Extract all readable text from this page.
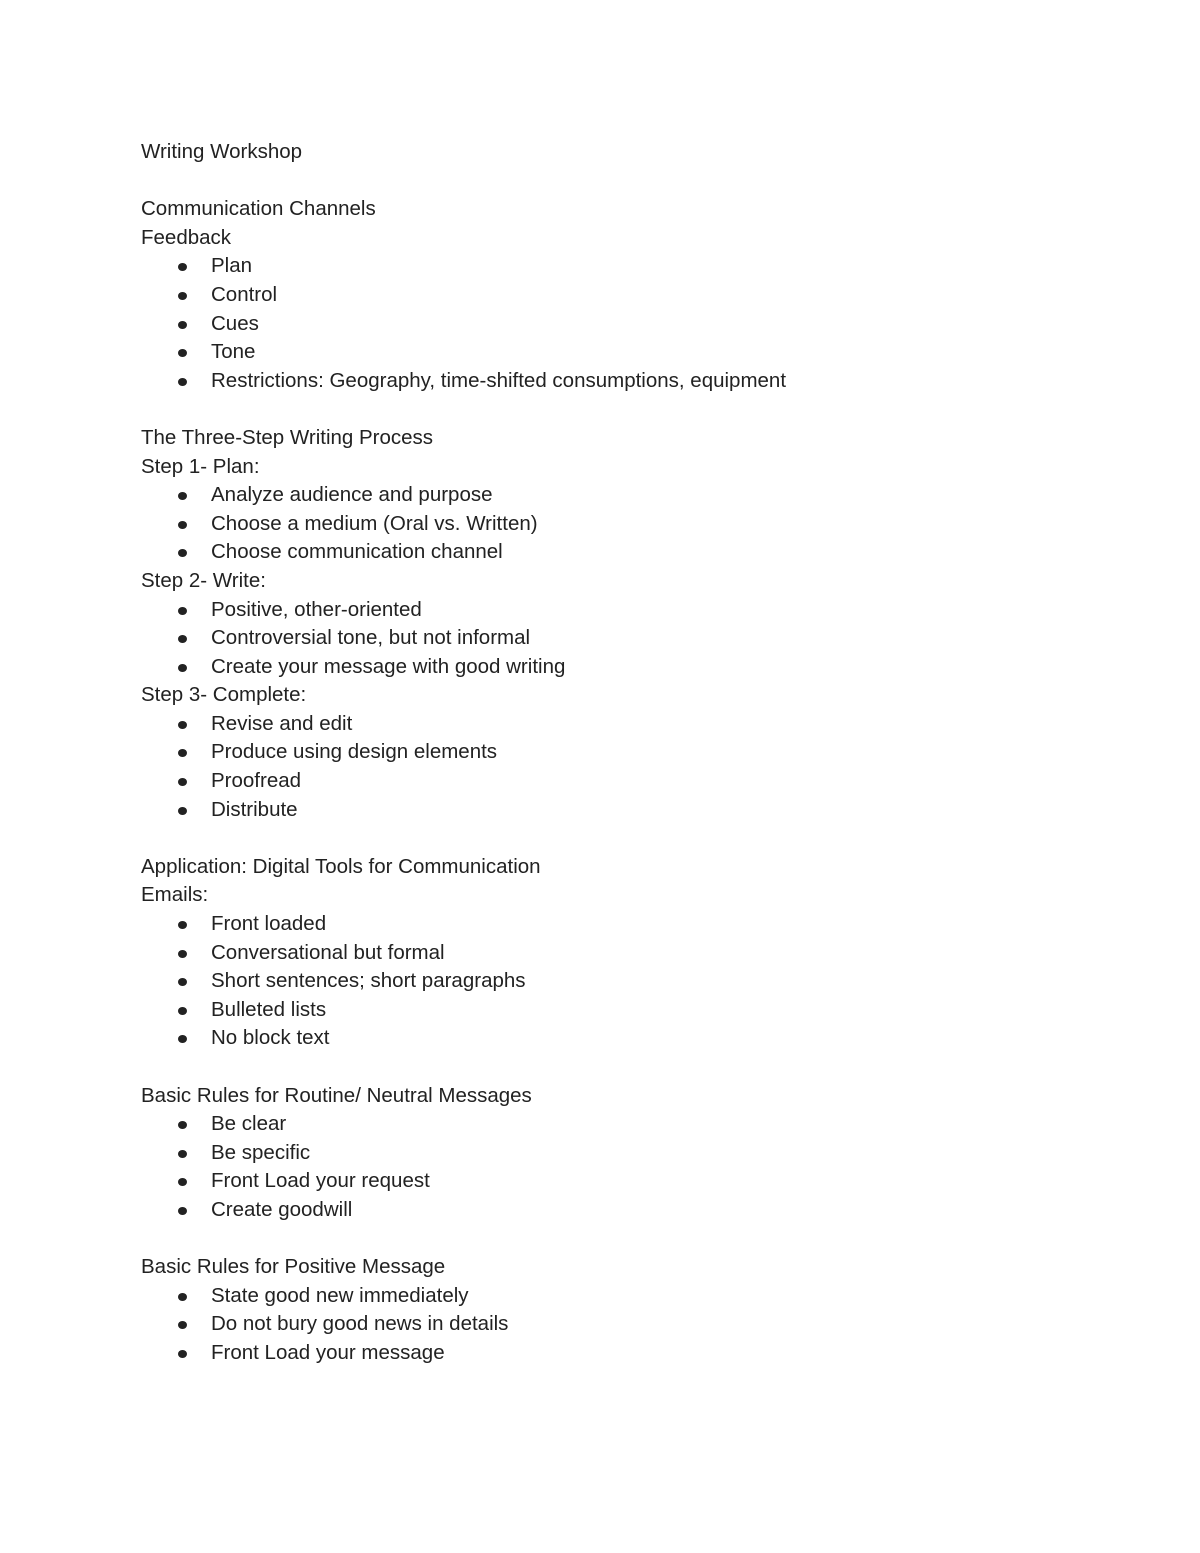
Writing Workshop
Communication Channels
Feedback
Plan
Control
Cues
Tone
Restrictions: Geography, time-shifted consumptions, equipment
The Three-Step Writing Process
Step 1- Plan:
Analyze audience and purpose
Choose a medium (Oral vs. Written)
Choose communication channel
Step 2- Write:
Positive, other-oriented
Controversial tone, but not informal
Create your message with good writing
Step 3- Complete:
Revise and edit
Produce using design elements
Proofread
Distribute
Application: Digital Tools for Communication
Emails:
Front loaded
Conversational but formal
Short sentences; short paragraphs
Bulleted lists
No block text
Basic Rules for Routine/ Neutral Messages
Be clear
Be specific
Front Load your request
Create goodwill
Basic Rules for Positive Message
State good new immediately
Do not bury good news in details
Front Load your message
